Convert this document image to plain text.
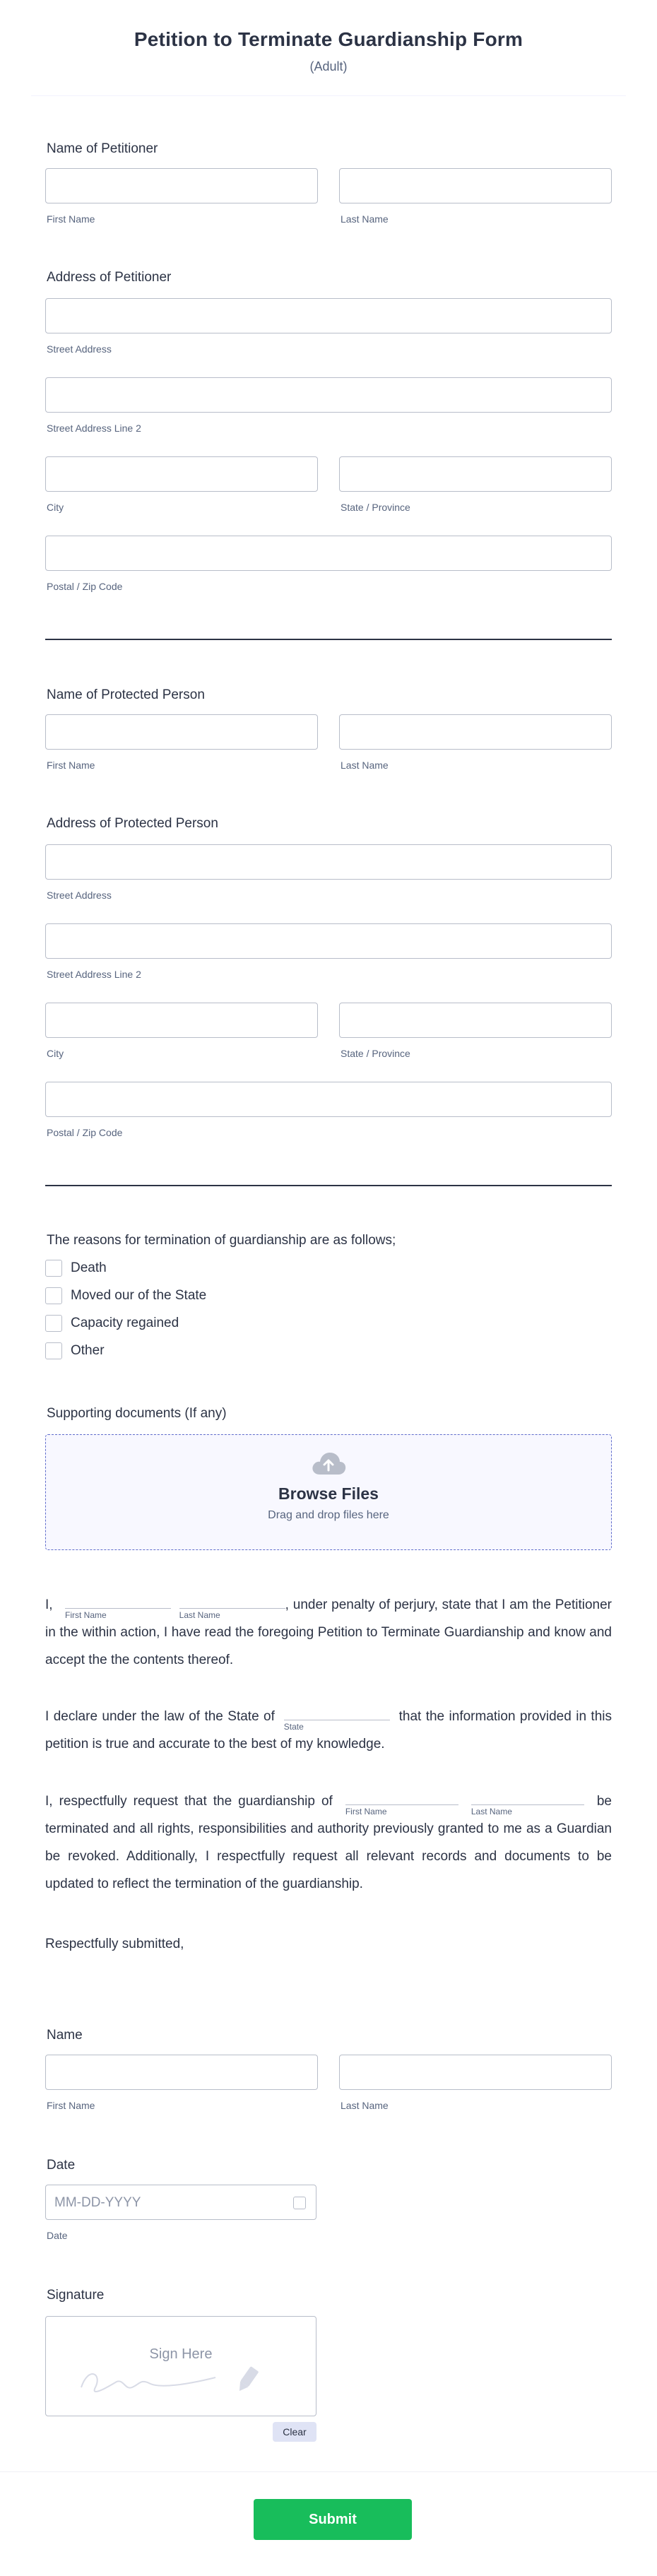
Petition to Terminate Guardianship Form
(Adult)
Name of Petitioner
First Name	Last Name
Address of Petitioner
Street Address
Street Address Line 2
City	State / Province
Postal / Zip Code
Name of Protected Person
First Name	Last Name
Address of Protected Person
Street Address
Street Address Line 2
City	State / Province
Postal / Zip Code
The reasons for termination of guardianship are as follows;
Death
Moved our of the State
Capacity regained
Other
Supporting documents (If any)
Browse Files
Drag and drop files here
I,
First Name
	Last Name
, under penalty of perjury, state that I am the Petitioner in the within action, I have read the foregoing Petition to Terminate Guardianship and know and accept the the contents thereof.
I declare under the law of the State of
State
that the information provided in this petition is true and accurate to the best of my knowledge.
I, respectfully request that the guardianship of
First Name
	Last Name
be terminated and all rights, responsibilities and authority previously granted to me as a Guardian be revoked. Additionally, I respectfully request all relevant records and documents to be updated to reflect the termination of the guardianship.
Respectfully submitted,
Name
First Name	Last Name
Date
MM-DD-YYYY
Date
Signature
Sign Here
Clear
Submit
